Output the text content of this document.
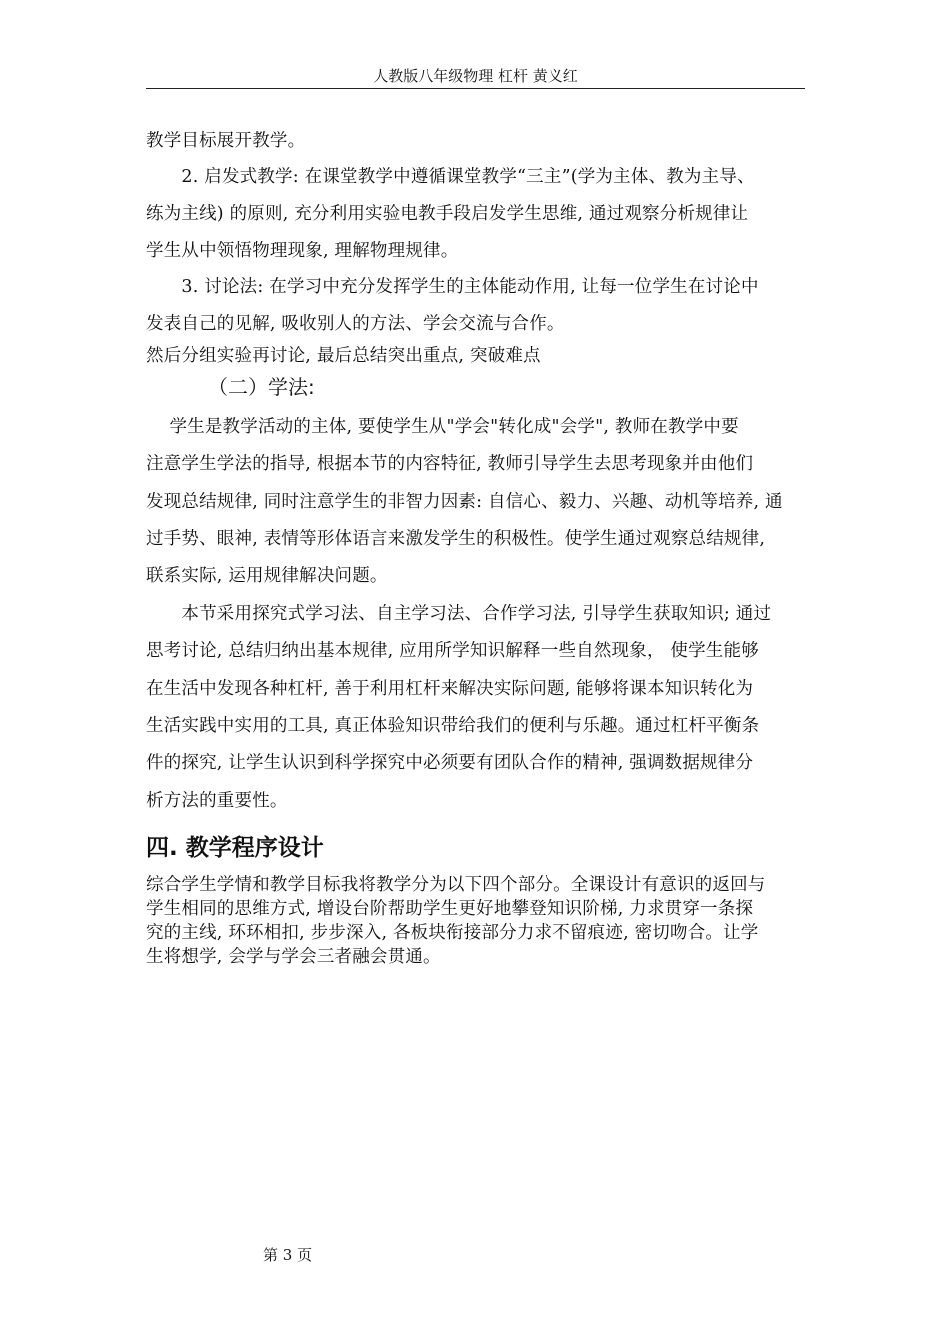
人教版八年级物理 杠杆 黄义红
教学目标展开教学。
　　2. 启发式教学: 在课堂教学中遵循课堂教学“三主”(学为主体、教为主导、
练为主线) 的原则, 充分利用实验电教手段启发学生思维, 通过观察分析规律让
学生从中领悟物理现象, 理解物理规律。
　　3. 讨论法: 在学习中充分发挥学生的主体能动作用, 让每一位学生在讨论中
发表自己的见解, 吸收别人的方法、学会交流与合作。
然后分组实验再讨论, 最后总结突出重点, 突破难点
（二）学法:
　 学生是教学活动的主体, 要使学生从"学会"转化成"会学", 教师在教学中要
注意学生学法的指导, 根据本节的内容特征, 教师引导学生去思考现象并由他们
发现总结规律, 同时注意学生的非智力因素: 自信心、毅力、兴趣、动机等培养, 通
过手势、眼神, 表情等形体语言来激发学生的积极性。使学生通过观察总结规律,
联系实际, 运用规律解决问题。
　　本节采用探究式学习法、自主学习法、合作学习法, 引导学生获取知识; 通过
思考讨论, 总结归纳出基本规律, 应用所学知识解释一些自然现象， 使学生能够
在生活中发现各种杠杆, 善于利用杠杆来解决实际问题, 能够将课本知识转化为
生活实践中实用的工具, 真正体验知识带给我们的便利与乐趣。通过杠杆平衡条
件的探究, 让学生认识到科学探究中必须要有团队合作的精神, 强调数据规律分
析方法的重要性。
四. 教学程序设计
综合学生学情和教学目标我将教学分为以下四个部分。全课设计有意识的返回与
学生相同的思维方式, 增设台阶帮助学生更好地攀登知识阶梯, 力求贯穿一条探
究的主线, 环环相扣, 步步深入, 各板块衔接部分力求不留痕迹, 密切吻合。让学
生将想学, 会学与学会三者融会贯通。
第 3 页
